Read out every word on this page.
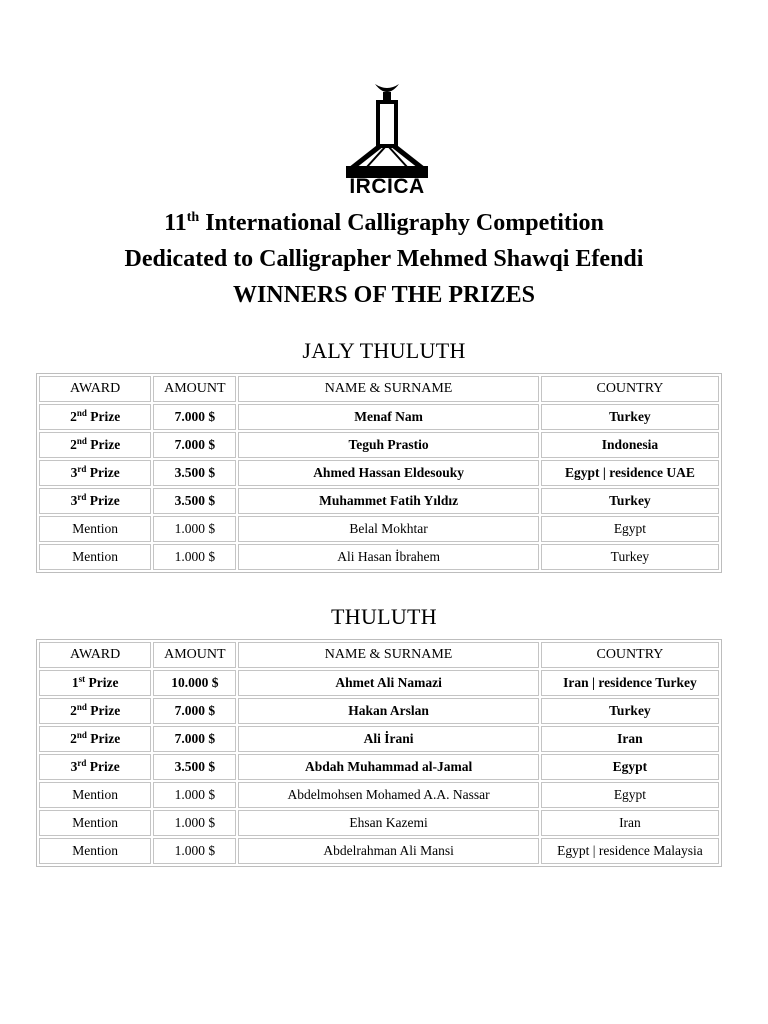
IRCICA

11th International Calligraphy Competition

Dedicated to Calligrapher Mehmed Shawqi Efendi

WINNERS OF THE PRIZES

JALY THULUTH
AWARD	AMOUNT	NAME & SURNAME	COUNTRY
2nd Prize	7.000 $	Menaf Nam	Turkey
2nd Prize	7.000 $	Teguh Prastio	Indonesia
3rd Prize	3.500 $	Ahmed Hassan Eldesouky	Egypt | residence UAE
3rd Prize	3.500 $	Muhammet Fatih Yıldız	Turkey
Mention	1.000 $	Belal Mokhtar	Egypt
Mention	1.000 $	Ali Hasan İbrahem	Turkey
THULUTH
AWARD	AMOUNT	NAME & SURNAME	COUNTRY
1st Prize	10.000 $	Ahmet Ali Namazi	Iran | residence Turkey
2nd Prize	7.000 $	Hakan Arslan	Turkey
2nd Prize	7.000 $	Ali İrani	Iran
3rd Prize	3.500 $	Abdah Muhammad al-Jamal	Egypt
Mention	1.000 $	Abdelmohsen Mohamed A.A. Nassar	Egypt
Mention	1.000 $	Ehsan Kazemi	Iran
Mention	1.000 $	Abdelrahman Ali Mansi	Egypt | residence Malaysia
